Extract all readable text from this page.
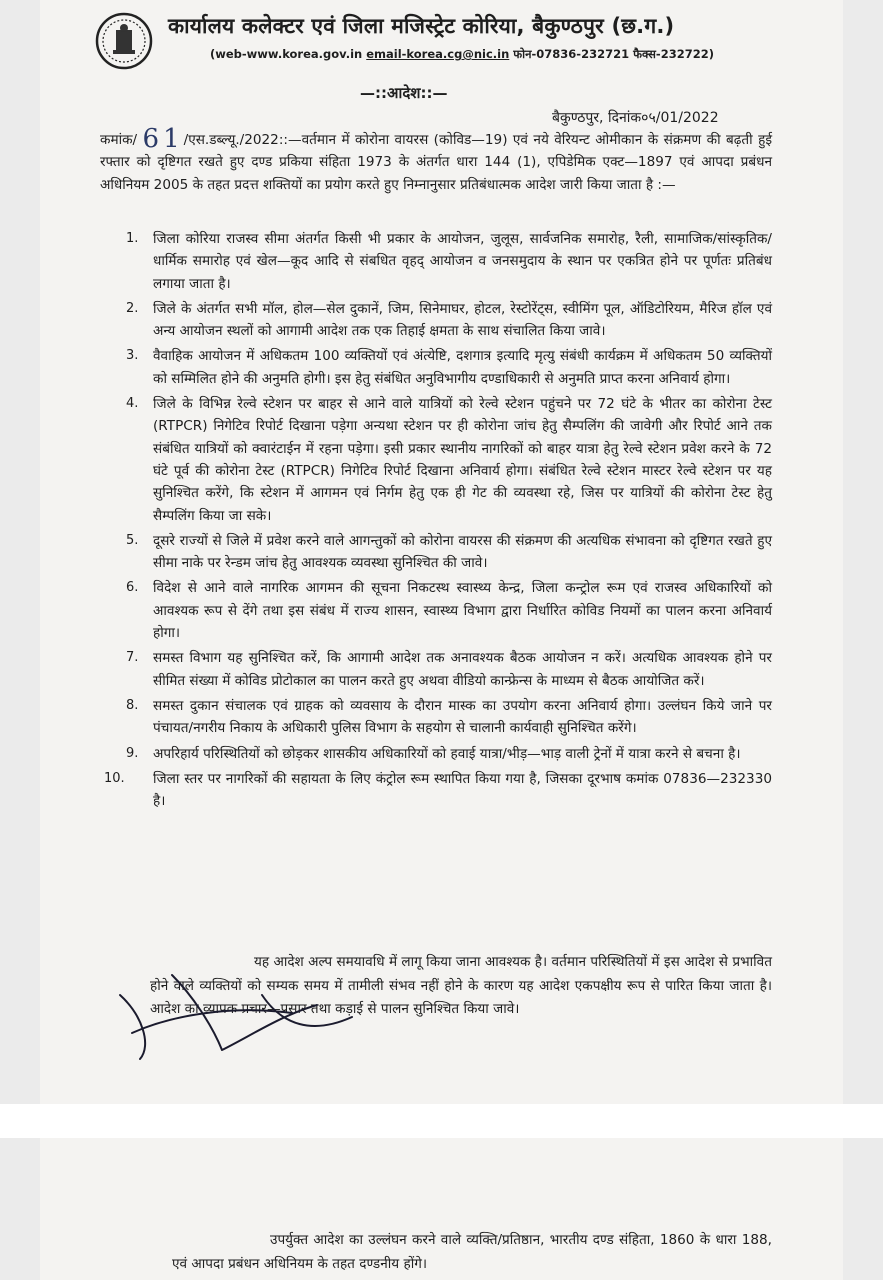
कार्यालय कलेक्टर एवं जिला मजिस्ट्रेट कोरिया, बैकुण्ठपुर (छ.ग.)
(web-www.korea.gov.in email-korea.cg@nic.in फोन-07836-232721 फैक्स-232722)
—::आदेश::—
बैकुण्ठपुर, दिनांक०५/01/2022
कमांक/ 61/एस.डब्ल्यू./2022::—वर्तमान में कोरोना वायरस (कोविड—19) एवं नये वेरियन्ट ओमीकान के संक्रमण की बढ़ती हुई रफ्तार को दृष्टिगत रखते हुए दण्ड प्रकिया संहिता 1973 के अंतर्गत धारा 144 (1), एपिडेमिक एक्ट—1897 एवं आपदा प्रबंधन अधिनियम 2005 के तहत प्रदत्त शक्तियों का प्रयोग करते हुए निम्नानुसार प्रतिबंधात्मक आदेश जारी किया जाता है :—
1. जिला कोरिया राजस्व सीमा अंतर्गत किसी भी प्रकार के आयोजन, जुलूस, सार्वजनिक समारोह, रैली, सामाजिक/सांस्कृतिक/धार्मिक समारोह एवं खेल—कूद आदि से संबधित वृहद् आयोजन व जनसमुदाय के स्थान पर एकत्रित होने पर पूर्णतः प्रतिबंध लगाया जाता है।
2. जिले के अंतर्गत सभी मॉल, होल—सेल दुकानें, जिम, सिनेमाघर, होटल, रेस्टोरेंट्स, स्वीमिंग पूल, ऑडिटोरियम, मैरिज हॉल एवं अन्य आयोजन स्थलों को आगामी आदेश तक एक तिहाई क्षमता के साथ संचालित किया जावे।
3. वैवाहिक आयोजन में अधिकतम 100 व्यक्तियों एवं अंत्येष्टि, दशगात्र इत्यादि मृत्यु संबंधी कार्यक्रम में अधिकतम 50 व्यक्तियों को सम्मिलित होने की अनुमति होगी। इस हेतु संबंधित अनुविभागीय दण्डाधिकारी से अनुमति प्राप्त करना अनिवार्य होगा।
4. जिले के विभिन्न रेल्वे स्टेशन पर बाहर से आने वाले यात्रियों को रेल्वे स्टेशन पहुंचने पर 72 घंटे के भीतर का कोरोना टेस्ट (RTPCR) निगेटिव रिपोर्ट दिखाना पड़ेगा अन्यथा स्टेशन पर ही कोरोना जांच हेतु सैम्पलिंग की जावेगी और रिपोर्ट आने तक संबंधित यात्रियों को क्वारंटाईन में रहना पड़ेगा। इसी प्रकार स्थानीय नागरिकों को बाहर यात्रा हेतु रेल्वे स्टेशन प्रवेश करने के 72 घंटे पूर्व की कोरोना टेस्ट (RTPCR) निगेटिव रिपोर्ट दिखाना अनिवार्य होगा। संबंधित रेल्वे स्टेशन मास्टर रेल्वे स्टेशन पर यह सुनिश्चित करेंगे, कि स्टेशन में आगमन एवं निर्गम हेतु एक ही गेट की व्यवस्था रहे, जिस पर यात्रियों की कोरोना टेस्ट हेतु सैम्पलिंग किया जा सके।
5. दूसरे राज्यों से जिले में प्रवेश करने वाले आगन्तुकों को कोरोना वायरस की संक्रमण की अत्यधिक संभावना को दृष्टिगत रखते हुए सीमा नाके पर रेन्डम जांच हेतु आवश्यक व्यवस्था सुनिश्चित की जावे।
6. विदेश से आने वाले नागरिक आगमन की सूचना निकटस्थ स्वास्थ्य केन्द्र, जिला कन्ट्रोल रूम एवं राजस्व अधिकारियों को आवश्यक रूप से देंगे तथा इस संबंध में राज्य शासन, स्वास्थ्य विभाग द्वारा निर्धारित कोविड नियमों का पालन करना अनिवार्य होगा।
7. समस्त विभाग यह सुनिश्चित करें, कि आगामी आदेश तक अनावश्यक बैठक आयोजन न करें। अत्यधिक आवश्यक होने पर सीमित संख्या में कोविड प्रोटोकाल का पालन करते हुए अथवा वीडियो कान्फ्रेन्स के माध्यम से बैठक आयोजित करें।
8. समस्त दुकान संचालक एवं ग्राहक को व्यवसाय के दौरान मास्क का उपयोग करना अनिवार्य होगा। उल्लंघन किये जाने पर पंचायत/नगरीय निकाय के अधिकारी पुलिस विभाग के सहयोग से चालानी कार्यवाही सुनिश्चित करेंगे।
9. अपरिहार्य परिस्थितियों को छोड़कर शासकीय अधिकारियों को हवाई यात्रा/भीड़—भाड़ वाली ट्रेनों में यात्रा करने से बचना है।
10. जिला स्तर पर नागरिकों की सहायता के लिए कंट्रोल रूम स्थापित किया गया है, जिसका दूरभाष कमांक 07836—232330 है।
यह आदेश अल्प समयावधि में लागू किया जाना आवश्यक है। वर्तमान परिस्थितियों में इस आदेश से प्रभावित होने वाले व्यक्तियों को सम्यक समय में तामीली संभव नहीं होने के कारण यह आदेश एकपक्षीय रूप से पारित किया जाता है। आदेश का व्यापक प्रचार—प्रसार तथा कड़ाई से पालन सुनिश्चित किया जावे।
उपर्युक्त आदेश का उल्लंघन करने वाले व्यक्ति/प्रतिष्ठान, भारतीय दण्ड संहिता, 1860 के धारा 188, एवं आपदा प्रबंधन अधिनियम के तहत दण्डनीय होंगे।
